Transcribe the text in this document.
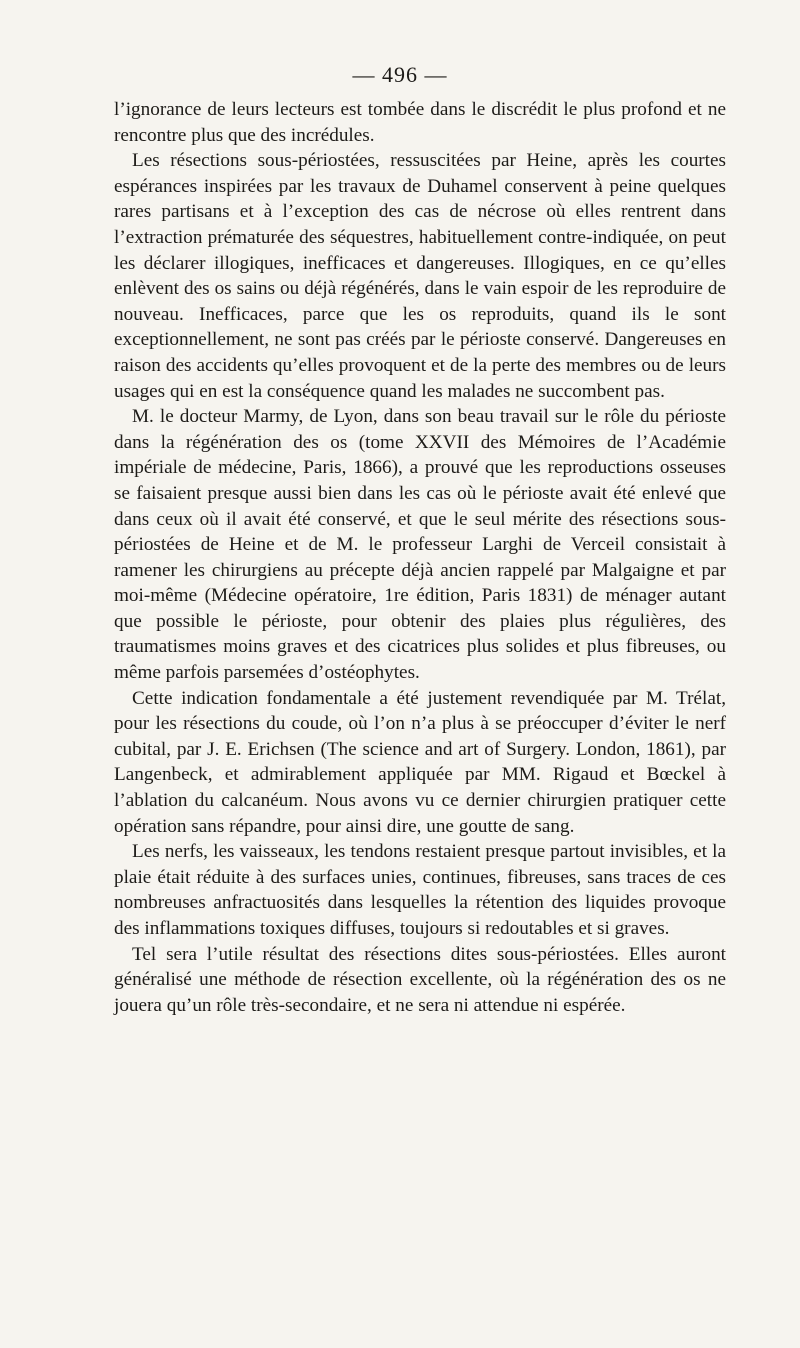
— 496 —

l’ignorance de leurs lecteurs est tombée dans le discrédit le plus profond et ne rencontre plus que des incrédules.

Les résections sous-périostées, ressuscitées par Heine, après les courtes espérances inspirées par les travaux de Duhamel conservent à peine quelques rares partisans et à l’exception des cas de nécrose où elles rentrent dans l’extraction prématurée des séquestres, habituellement contre-indiquée, on peut les déclarer illogiques, inefficaces et dangereuses. Illogiques, en ce qu’elles enlèvent des os sains ou déjà régénérés, dans le vain espoir de les reproduire de nouveau. Inefficaces, parce que les os reproduits, quand ils le sont exceptionnellement, ne sont pas créés par le périoste conservé. Dangereuses en raison des accidents qu’elles provoquent et de la perte des membres ou de leurs usages qui en est la conséquence quand les malades ne succombent pas.

M. le docteur Marmy, de Lyon, dans son beau travail sur le rôle du périoste dans la régénération des os (tome XXVII des Mémoires de l’Académie impériale de médecine, Paris, 1866), a prouvé que les reproductions osseuses se faisaient presque aussi bien dans les cas où le périoste avait été enlevé que dans ceux où il avait été conservé, et que le seul mérite des résections sous-périostées de Heine et de M. le professeur Larghi de Verceil consistait à ramener les chirurgiens au précepte déjà ancien rappelé par Malgaigne et par moi-même (Médecine opératoire, 1re édition, Paris 1831) de ménager autant que possible le périoste, pour obtenir des plaies plus régulières, des traumatismes moins graves et des cicatrices plus solides et plus fibreuses, ou même parfois parsemées d’ostéophytes.

Cette indication fondamentale a été justement revendiquée par M. Trélat, pour les résections du coude, où l’on n’a plus à se préoccuper d’éviter le nerf cubital, par J. E. Erichsen (The science and art of Surgery. London, 1861), par Langenbeck, et admirablement appliquée par MM. Rigaud et Bœckel à l’ablation du calcanéum. Nous avons vu ce dernier chirurgien pratiquer cette opération sans répandre, pour ainsi dire, une goutte de sang.

Les nerfs, les vaisseaux, les tendons restaient presque partout invisibles, et la plaie était réduite à des surfaces unies, continues, fibreuses, sans traces de ces nombreuses anfractuosités dans lesquelles la rétention des liquides provoque des inflammations toxiques diffuses, toujours si redoutables et si graves.

Tel sera l’utile résultat des résections dites sous-périostées. Elles auront généralisé une méthode de résection excellente, où la régénération des os ne jouera qu’un rôle très-secondaire, et ne sera ni attendue ni espérée.
